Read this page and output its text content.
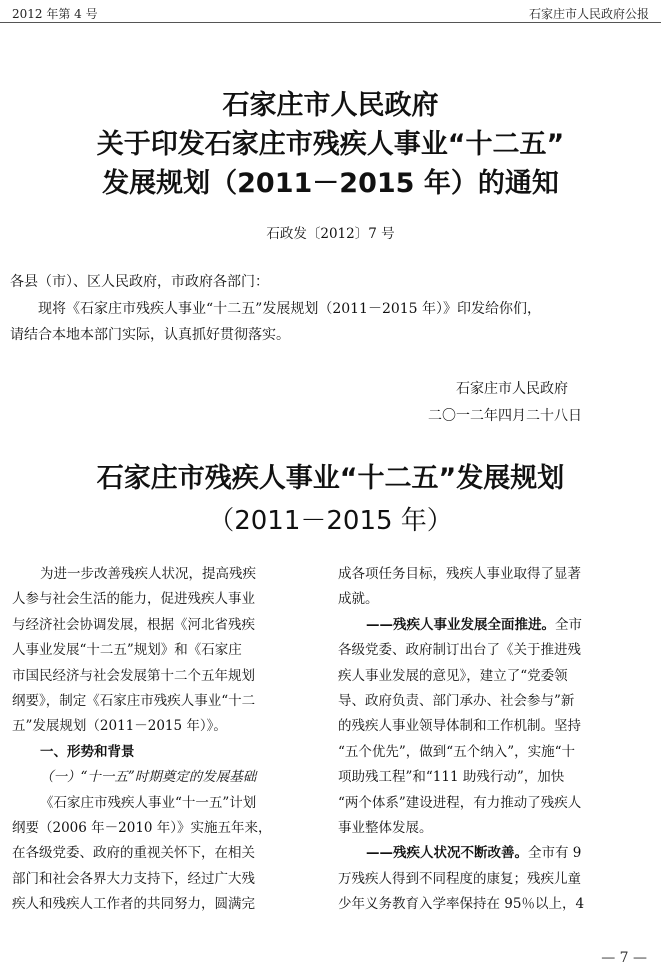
2012 年第 4 号	石家庄市人民政府公报
石家庄市人民政府
关于印发石家庄市残疾人事业“十二五”
发展规划（2011－2015 年）的通知
石政发〔2012〕7 号
各县（市）、区人民政府，市政府各部门：
现将《石家庄市残疾人事业“十二五”发展规划（2011－2015 年）》印发给你们，
请结合本地本部门实际，认真抓好贯彻落实。
石家庄市人民政府
二〇一二年四月二十八日
石家庄市残疾人事业“十二五”发展规划
（2011－2015 年）
为进一步改善残疾人状况，提高残疾
人参与社会生活的能力，促进残疾人事业
与经济社会协调发展，根据《河北省残疾
人事业发展“十二五”规划》和《石家庄
市国民经济与社会发展第十二个五年规划
纲要》，制定《石家庄市残疾人事业“十二
五”发展规划（2011－2015 年）》。
一、形势和背景
（一）“十一五”时期奠定的发展基础
《石家庄市残疾人事业“十一五”计划
纲要（2006 年－2010 年）》实施五年来，
在各级党委、政府的重视关怀下，在相关
部门和社会各界大力支持下，经过广大残
疾人和残疾人工作者的共同努力，圆满完
成各项任务目标，残疾人事业取得了显著
成就。
——残疾人事业发展全面推进。全市
各级党委、政府制订出台了《关于推进残
疾人事业发展的意见》，建立了“党委领
导、政府负责、部门承办、社会参与”新
的残疾人事业领导体制和工作机制。坚持
“五个优先”，做到“五个纳入”，实施“十
项助残工程”和“111 助残行动”，加快
“两个体系”建设进程，有力推动了残疾人
事业整体发展。
——残疾人状况不断改善。全市有 9
万残疾人得到不同程度的康复；残疾儿童
少年义务教育入学率保持在 95％以上，4
— 7 —
